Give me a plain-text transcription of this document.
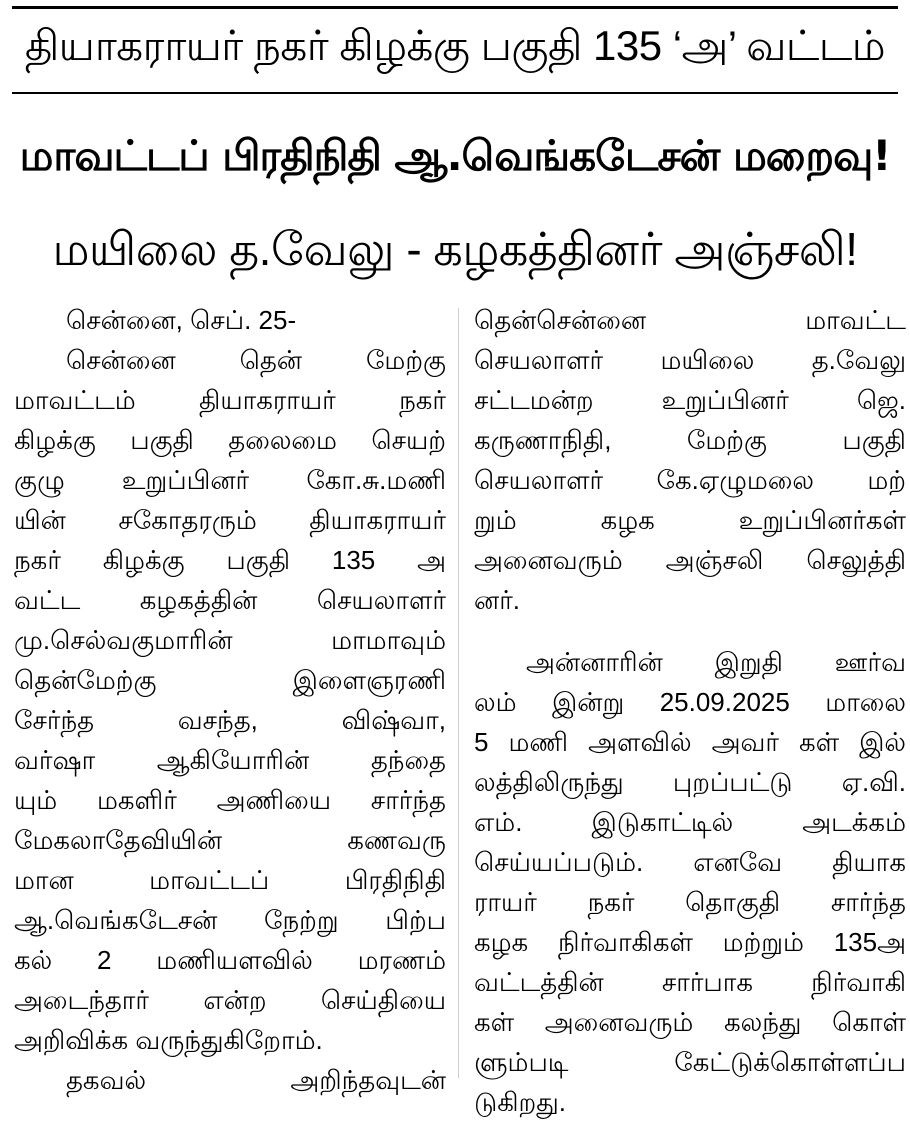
தியாகராயர் நகர் கிழக்கு பகுதி 135 ‘அ’ வட்டம்
மாவட்டப் பிரதிநிதி ஆ.வெங்கடேசன் மறைவு!
மயிலை த.வேலு - கழகத்தினர் அஞ்சலி!
சென்னை, செப். 25-
சென்னை தென் மேற்கு
மாவட்டம் தியாகராயர் நகர்
கிழக்கு பகுதி தலைமை செயற்
குழு உறுப்பினர் கோ.சு.மணி
யின் சகோதரரும் தியாகராயர்
நகர் கிழக்கு பகுதி 135 அ
வட்ட கழகத்தின் செயலாளர்
மு.செல்வகுமாரின் மாமாவும்
தென்மேற்கு இளைஞரணி
சேர்ந்த வசந்த, விஷ்வா,
வர்ஷா ஆகியோரின் தந்தை
யும் மகளிர் அணியை சார்ந்த
மேகலாதேவியின் கணவரு
மான மாவட்டப் பிரதிநிதி
ஆ.வெங்கடேசன் நேற்று பிற்ப
கல் 2 மணியளவில் மரணம்
அடைந்தார் என்ற செய்தியை
அறிவிக்க வருந்துகிறோம்.
தகவல் அறிந்தவுடன்
தென்சென்னை மாவட்ட
செயலாளர் மயிலை த.வேலு
சட்டமன்ற உறுப்பினர் ஜெ.
கருணாநிதி, மேற்கு பகுதி
செயலாளர் கே.ஏழுமலை மற்
றும் கழக உறுப்பினர்கள்
அனைவரும் அஞ்சலி செலுத்தி
னர்.
அன்னாரின் இறுதி ஊர்வ
லம் இன்று 25.09.2025 மாலை
5 மணி அளவில் அவர் கள் இல்
லத்திலிருந்து புறப்பட்டு ஏ.வி.
எம். இடுகாட்டில் அடக்கம்
செய்யப்படும். எனவே தியாக
ராயர் நகர் தொகுதி சார்ந்த
கழக நிர்வாகிகள் மற்றும் 135அ
வட்டத்தின் சார்பாக நிர்வாகி
கள் அனைவரும் கலந்து கொள்
ளும்படி கேட்டுக்கொள்ளப்ப
டுகிறது.
